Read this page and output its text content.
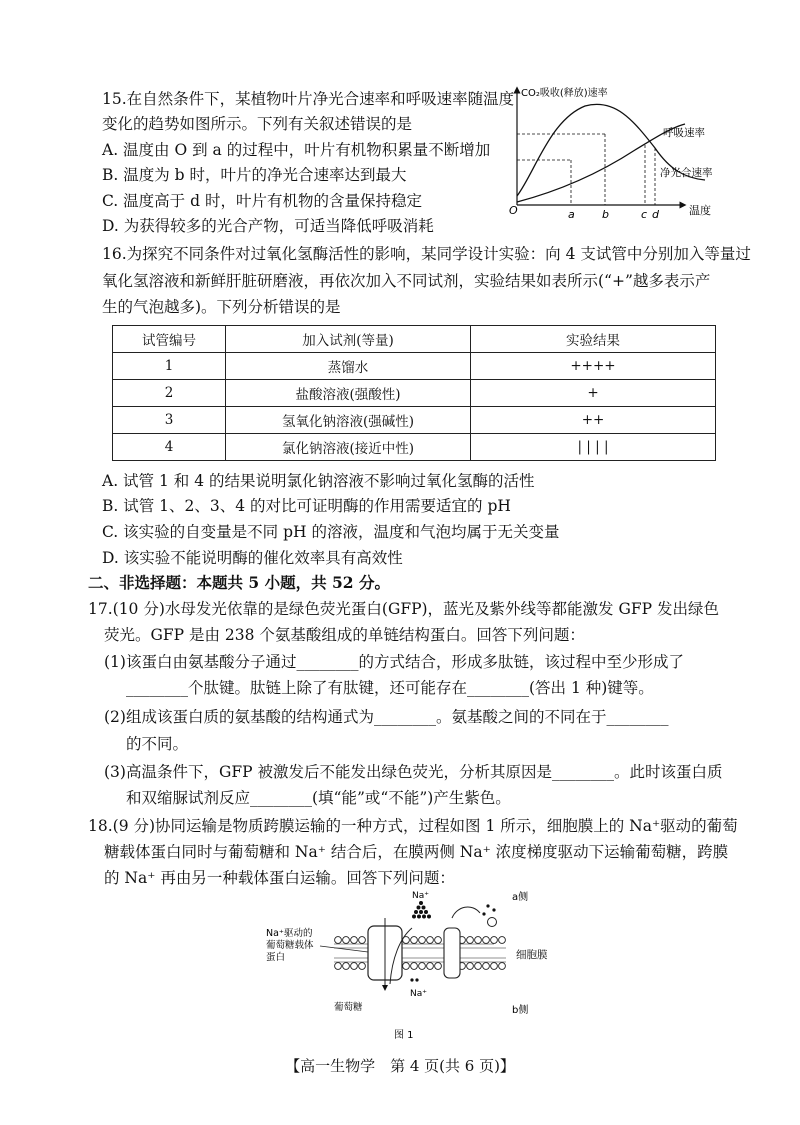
15.在自然条件下，某植物叶片净光合速率和呼吸速率随温度
变化的趋势如图所示。下列有关叙述错误的是
A. 温度由 O 到 a 的过程中，叶片有机物积累量不断增加
B. 温度为 b 时，叶片的净光合速率达到最大
C. 温度高于 d 时，叶片有机物的含量保持稳定
D. 为获得较多的光合产物，可适当降低呼吸消耗
CO₂吸收(释放)速率
温度
O
呼吸速率
净光合速率
a b	c d
16.为探究不同条件对过氧化氢酶活性的影响，某同学设计实验：向 4 支试管中分别加入等量过
氧化氢溶液和新鲜肝脏研磨液，再依次加入不同试剂，实验结果如表所示(“+”越多表示产
生的气泡越多)。下列分析错误的是
试管编号	加入试剂(等量)	实验结果
1	蒸馏水	++++
2	盐酸溶液(强酸性)	+
3	氢氧化钠溶液(强碱性)	++
4	氯化钠溶液(接近中性)	| | | |
A. 试管 1 和 4 的结果说明氯化钠溶液不影响过氧化氢酶的活性
B. 试管 1、2、3、4 的对比可证明酶的作用需要适宜的 pH
C. 该实验的自变量是不同 pH 的溶液，温度和气泡均属于无关变量
D. 该实验不能说明酶的催化效率具有高效性
二、非选择题：本题共 5 小题，共 52 分。
17.(10 分)水母发光依靠的是绿色荧光蛋白(GFP)，蓝光及紫外线等都能激发 GFP 发出绿色
荧光。GFP 是由 238 个氨基酸组成的单链结构蛋白。回答下列问题：
(1)该蛋白由氨基酸分子通过________的方式结合，形成多肽链，该过程中至少形成了
________个肽键。肽链上除了有肽键，还可能存在________(答出 1 种)键等。
(2)组成该蛋白质的氨基酸的结构通式为________。氨基酸之间的不同在于________
的不同。
(3)高温条件下，GFP 被激发后不能发出绿色荧光，分析其原因是________。此时该蛋白质
和双缩脲试剂反应________(填“能”或“不能”)产生紫色。
18.(9 分)协同运输是物质跨膜运输的一种方式，过程如图 1 所示，细胞膜上的 Na⁺驱动的葡萄
糖载体蛋白同时与葡萄糖和 Na⁺ 结合后，在膜两侧 Na⁺ 浓度梯度驱动下运输葡萄糖，跨膜
的 Na⁺ 再由另一种载体蛋白运输。回答下列问题：
Na⁺
Na⁺
a侧
细胞膜
b侧
Na⁺驱动的
葡萄糖载体
蛋白
葡萄糖
图 1
【高一生物学　第 4 页(共 6 页)】
